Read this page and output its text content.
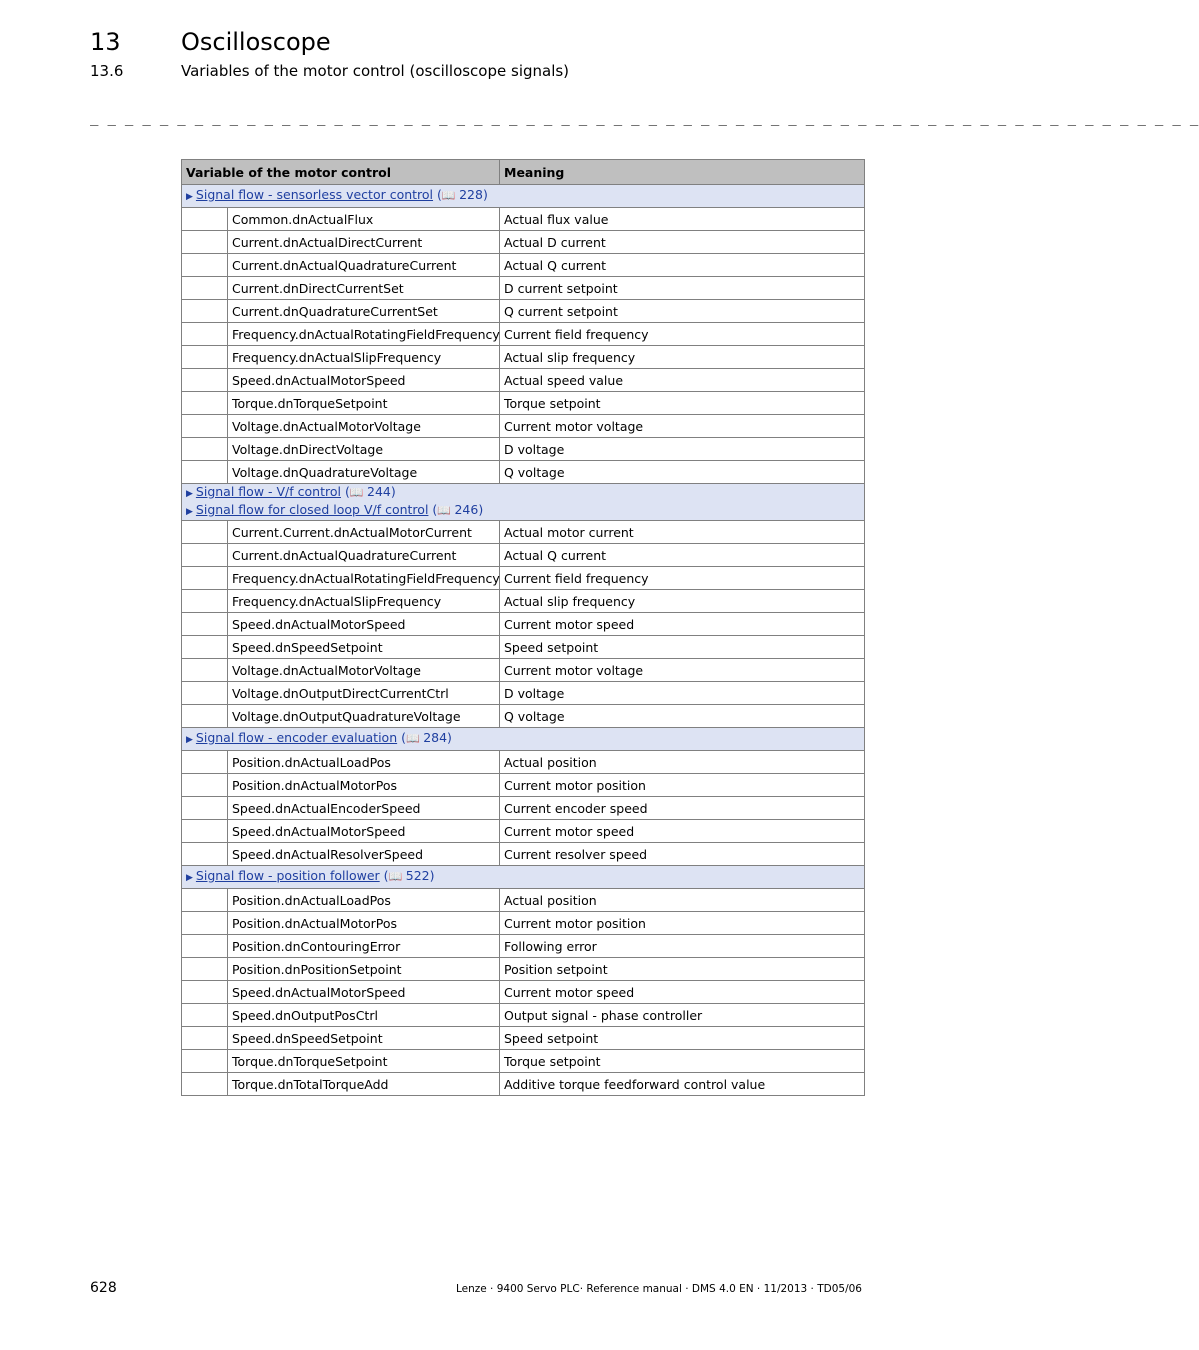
13	Oscilloscope
13.6	Variables of the motor control (oscilloscope signals)
_ _ _ _ _ _ _ _ _ _ _ _ _ _ _ _ _ _ _ _ _ _ _ _ _ _ _ _ _ _ _ _ _ _ _ _ _ _ _ _ _ _ _ _ _ _ _ _ _ _ _ _ _ _ _ _ _ _ _ _ _ _ _ _
Variable of the motor control		Meaning

▶ Signal flow - sensorless vector control (📖 228)		

	Common.dnActualFlux	Actual flux value
	Current.dnActualDirectCurrent	Actual D current
	Current.dnActualQuadratureCurrent	Actual Q current
	Current.dnDirectCurrentSet	D current setpoint
	Current.dnQuadratureCurrentSet	Q current setpoint
	Frequency.dnActualRotatingFieldFrequency	Current field frequency
	Frequency.dnActualSlipFrequency	Actual slip frequency
	Speed.dnActualMotorSpeed	Actual speed value
	Torque.dnTorqueSetpoint	Torque setpoint
	Voltage.dnActualMotorVoltage	Current motor voltage
	Voltage.dnDirectVoltage	D voltage
	Voltage.dnQuadratureVoltage	Q voltage

▶ Signal flow - V/f control (📖 244)
▶ Signal flow for closed loop V/f control (📖 246)		

	Current.Current.dnActualMotorCurrent	Actual motor current
	Current.dnActualQuadratureCurrent	Actual Q current
	Frequency.dnActualRotatingFieldFrequency	Current field frequency
	Frequency.dnActualSlipFrequency	Actual slip frequency
	Speed.dnActualMotorSpeed	Current motor speed
	Speed.dnSpeedSetpoint	Speed setpoint
	Voltage.dnActualMotorVoltage	Current motor voltage
	Voltage.dnOutputDirectCurrentCtrl	D voltage
	Voltage.dnOutputQuadratureVoltage	Q voltage

▶ Signal flow - encoder evaluation (📖 284)		

	Position.dnActualLoadPos	Actual position
	Position.dnActualMotorPos	Current motor position
	Speed.dnActualEncoderSpeed	Current encoder speed
	Speed.dnActualMotorSpeed	Current motor speed
	Speed.dnActualResolverSpeed	Current resolver speed

▶ Signal flow - position follower (📖 522)		

	Position.dnActualLoadPos	Actual position
	Position.dnActualMotorPos	Current motor position
	Position.dnContouringError	Following error
	Position.dnPositionSetpoint	Position setpoint
	Speed.dnActualMotorSpeed	Current motor speed
	Speed.dnOutputPosCtrl	Output signal - phase controller
	Speed.dnSpeedSetpoint	Speed setpoint
	Torque.dnTorqueSetpoint	Torque setpoint
	Torque.dnTotalTorqueAdd	Additive torque feedforward control value
628	Lenze · 9400 Servo PLC· Reference manual · DMS 4.0 EN · 11/2013 · TD05/06
